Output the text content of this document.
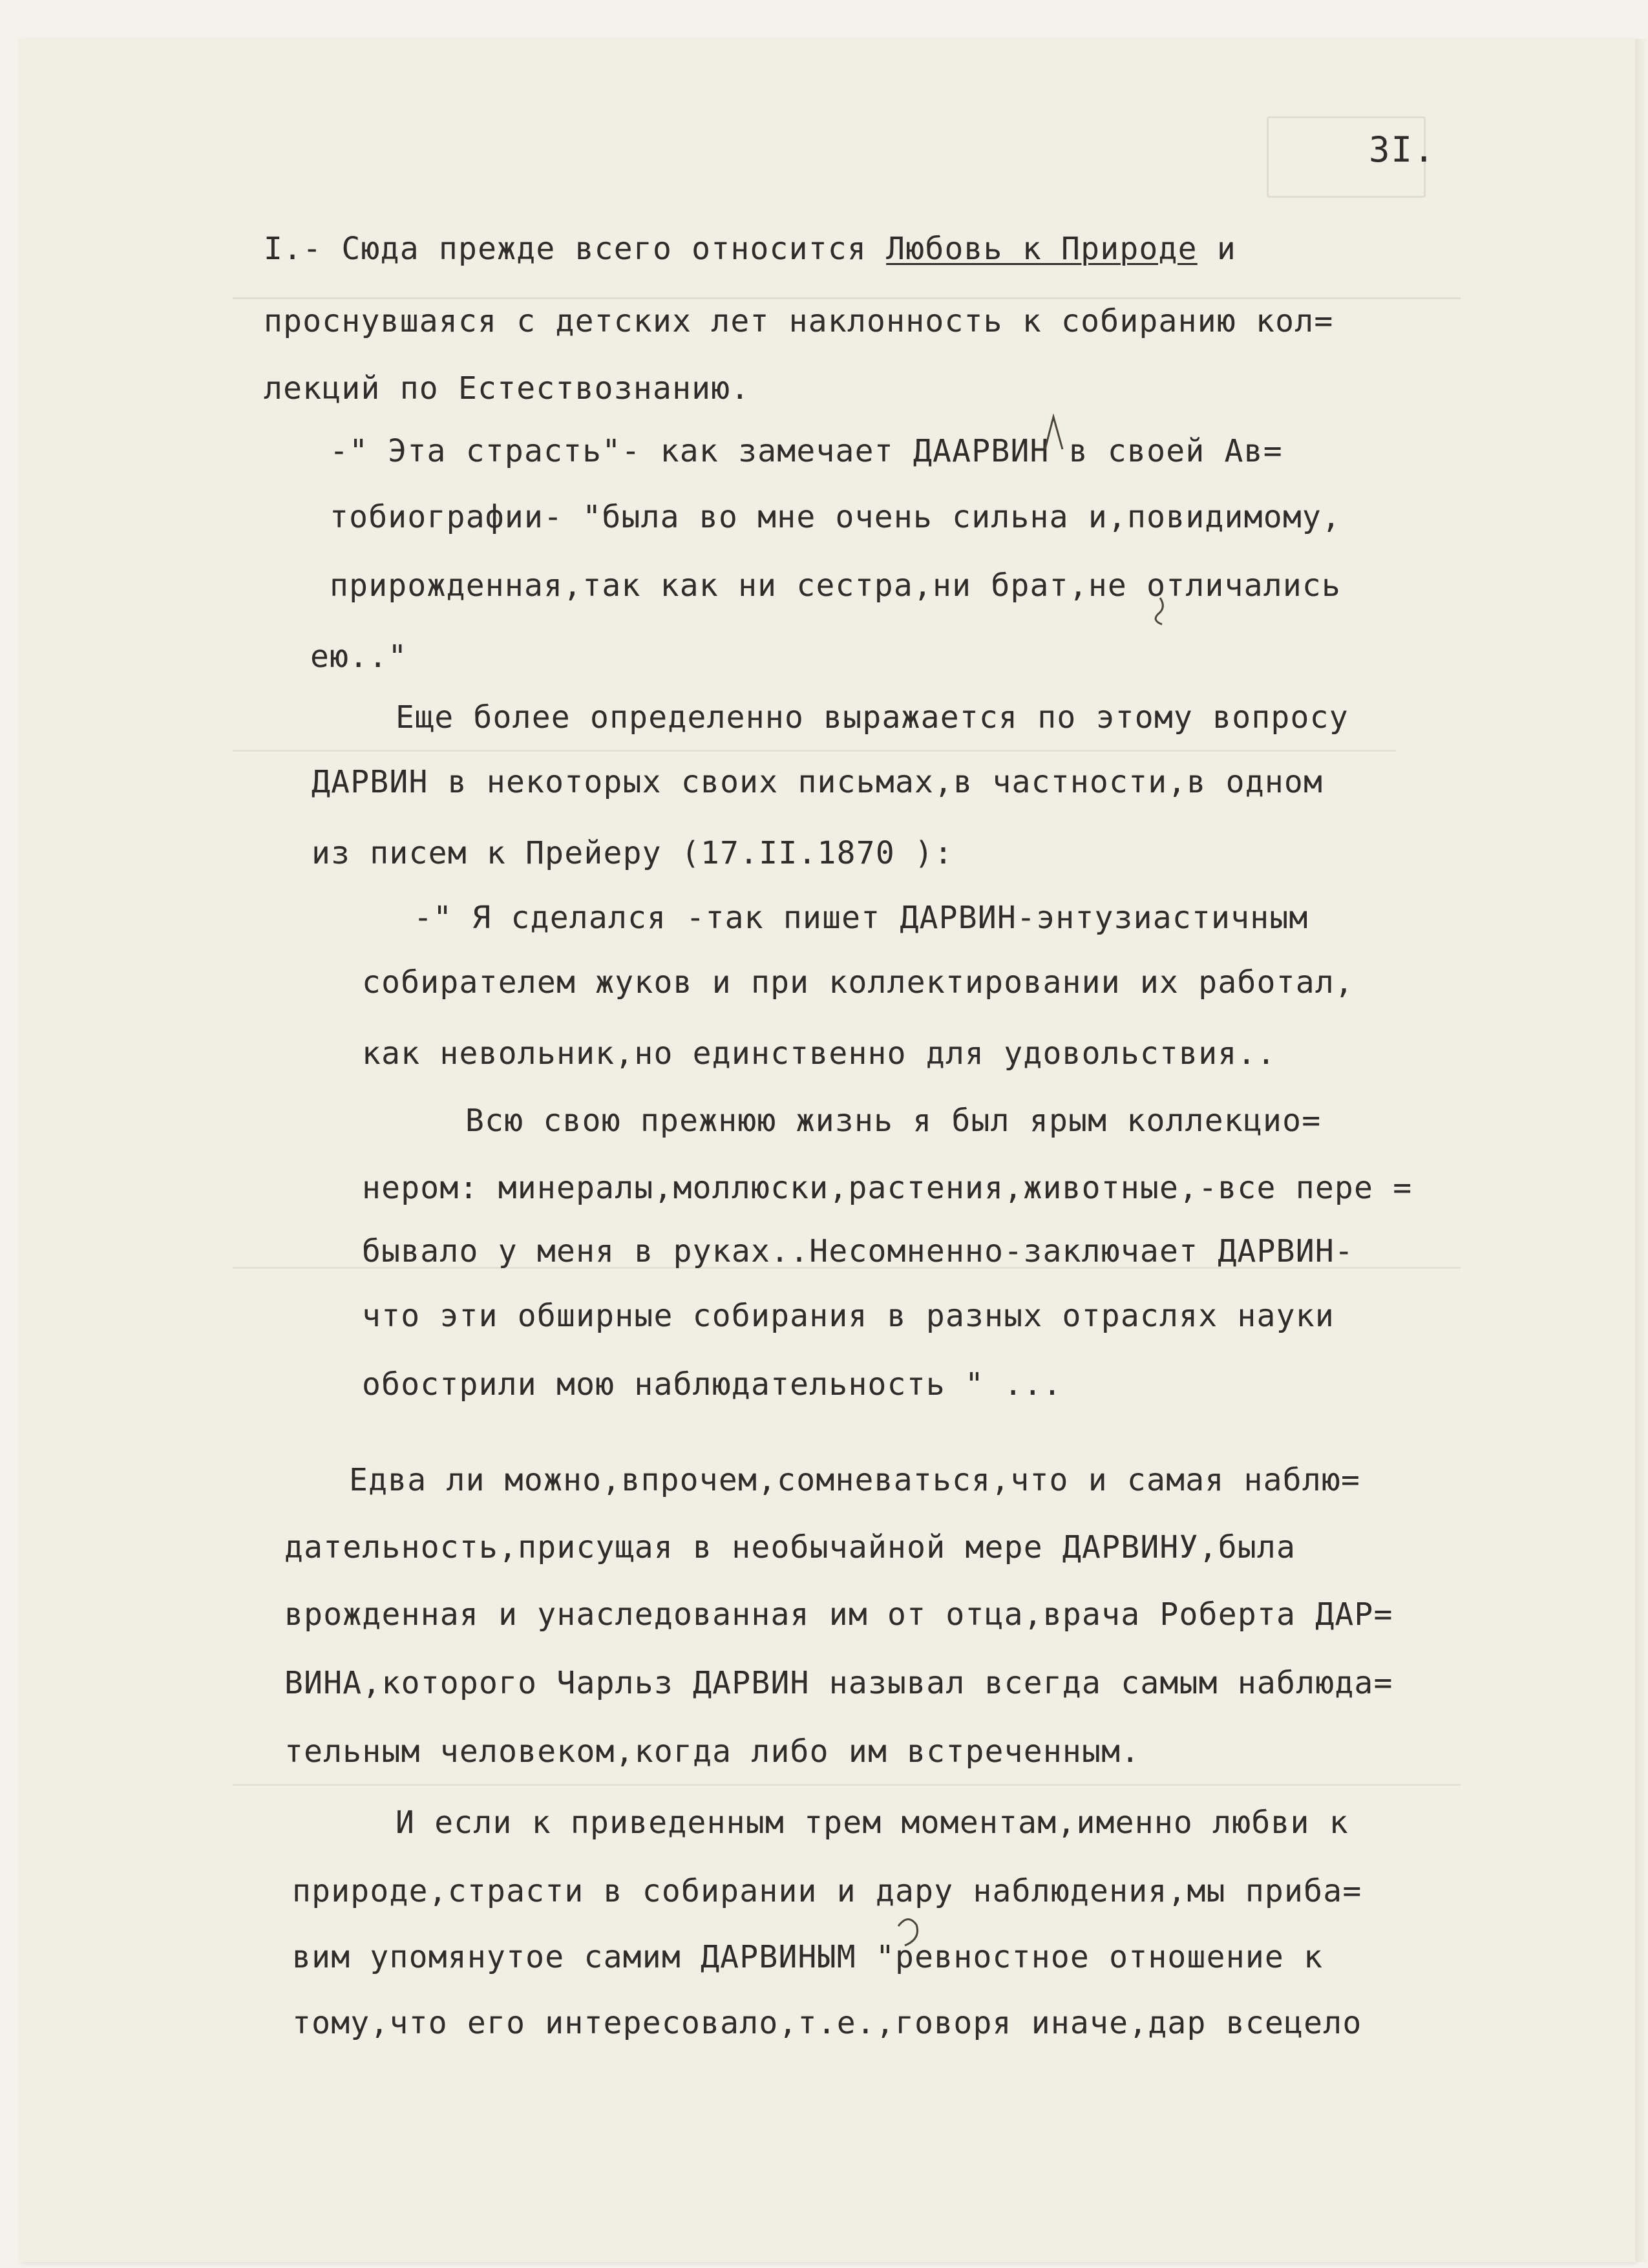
3I.
I.- Сюда прежде всего относится Любовь к Природе и
проснувшаяся с детских лет наклонность к собиранию кол=
лекций по Естествознанию.
-" Эта страсть"- как замечает ДААРВИН в своей Ав=
тобиографии- "была во мне очень сильна и,повидимому,
прирожденная,так как ни сестра,ни брат,не отличались
ею.."
Еще более определенно выражается по этому вопросу
ДАРВИН в некоторых своих письмах,в частности,в одном
из писем к Прейеру (17.II.1870 ):
-" Я сделался -так пишет ДАРВИН-энтузиастичным
собирателем жуков и при коллектировании их работал,
как невольник,но единственно для удовольствия..
Всю свою прежнюю жизнь я был ярым коллекцио=
нером: минералы,моллюски,растения,животные,-все пере =
бывало у меня в руках..Несомненно-заключает ДАРВИН-
что эти обширные собирания в разных отраслях науки
обострили мою наблюдательность " ...
Едва ли можно,впрочем,сомневаться,что и самая наблю=
дательность,присущая в необычайной мере ДАРВИНУ,была
врожденная и унаследованная им от отца,врача Роберта ДАР=
ВИНА,которого Чарльз ДАРВИН называл всегда самым наблюда=
тельным человеком,когда либо им встреченным.
И если к приведенным трем моментам,именно любви к
природе,страсти в собирании и дару наблюдения,мы приба=
вим упомянутое самим ДАРВИНЫМ "ревностное отношение к
тому,что его интересовало,т.е.,говоря иначе,дар всецело
